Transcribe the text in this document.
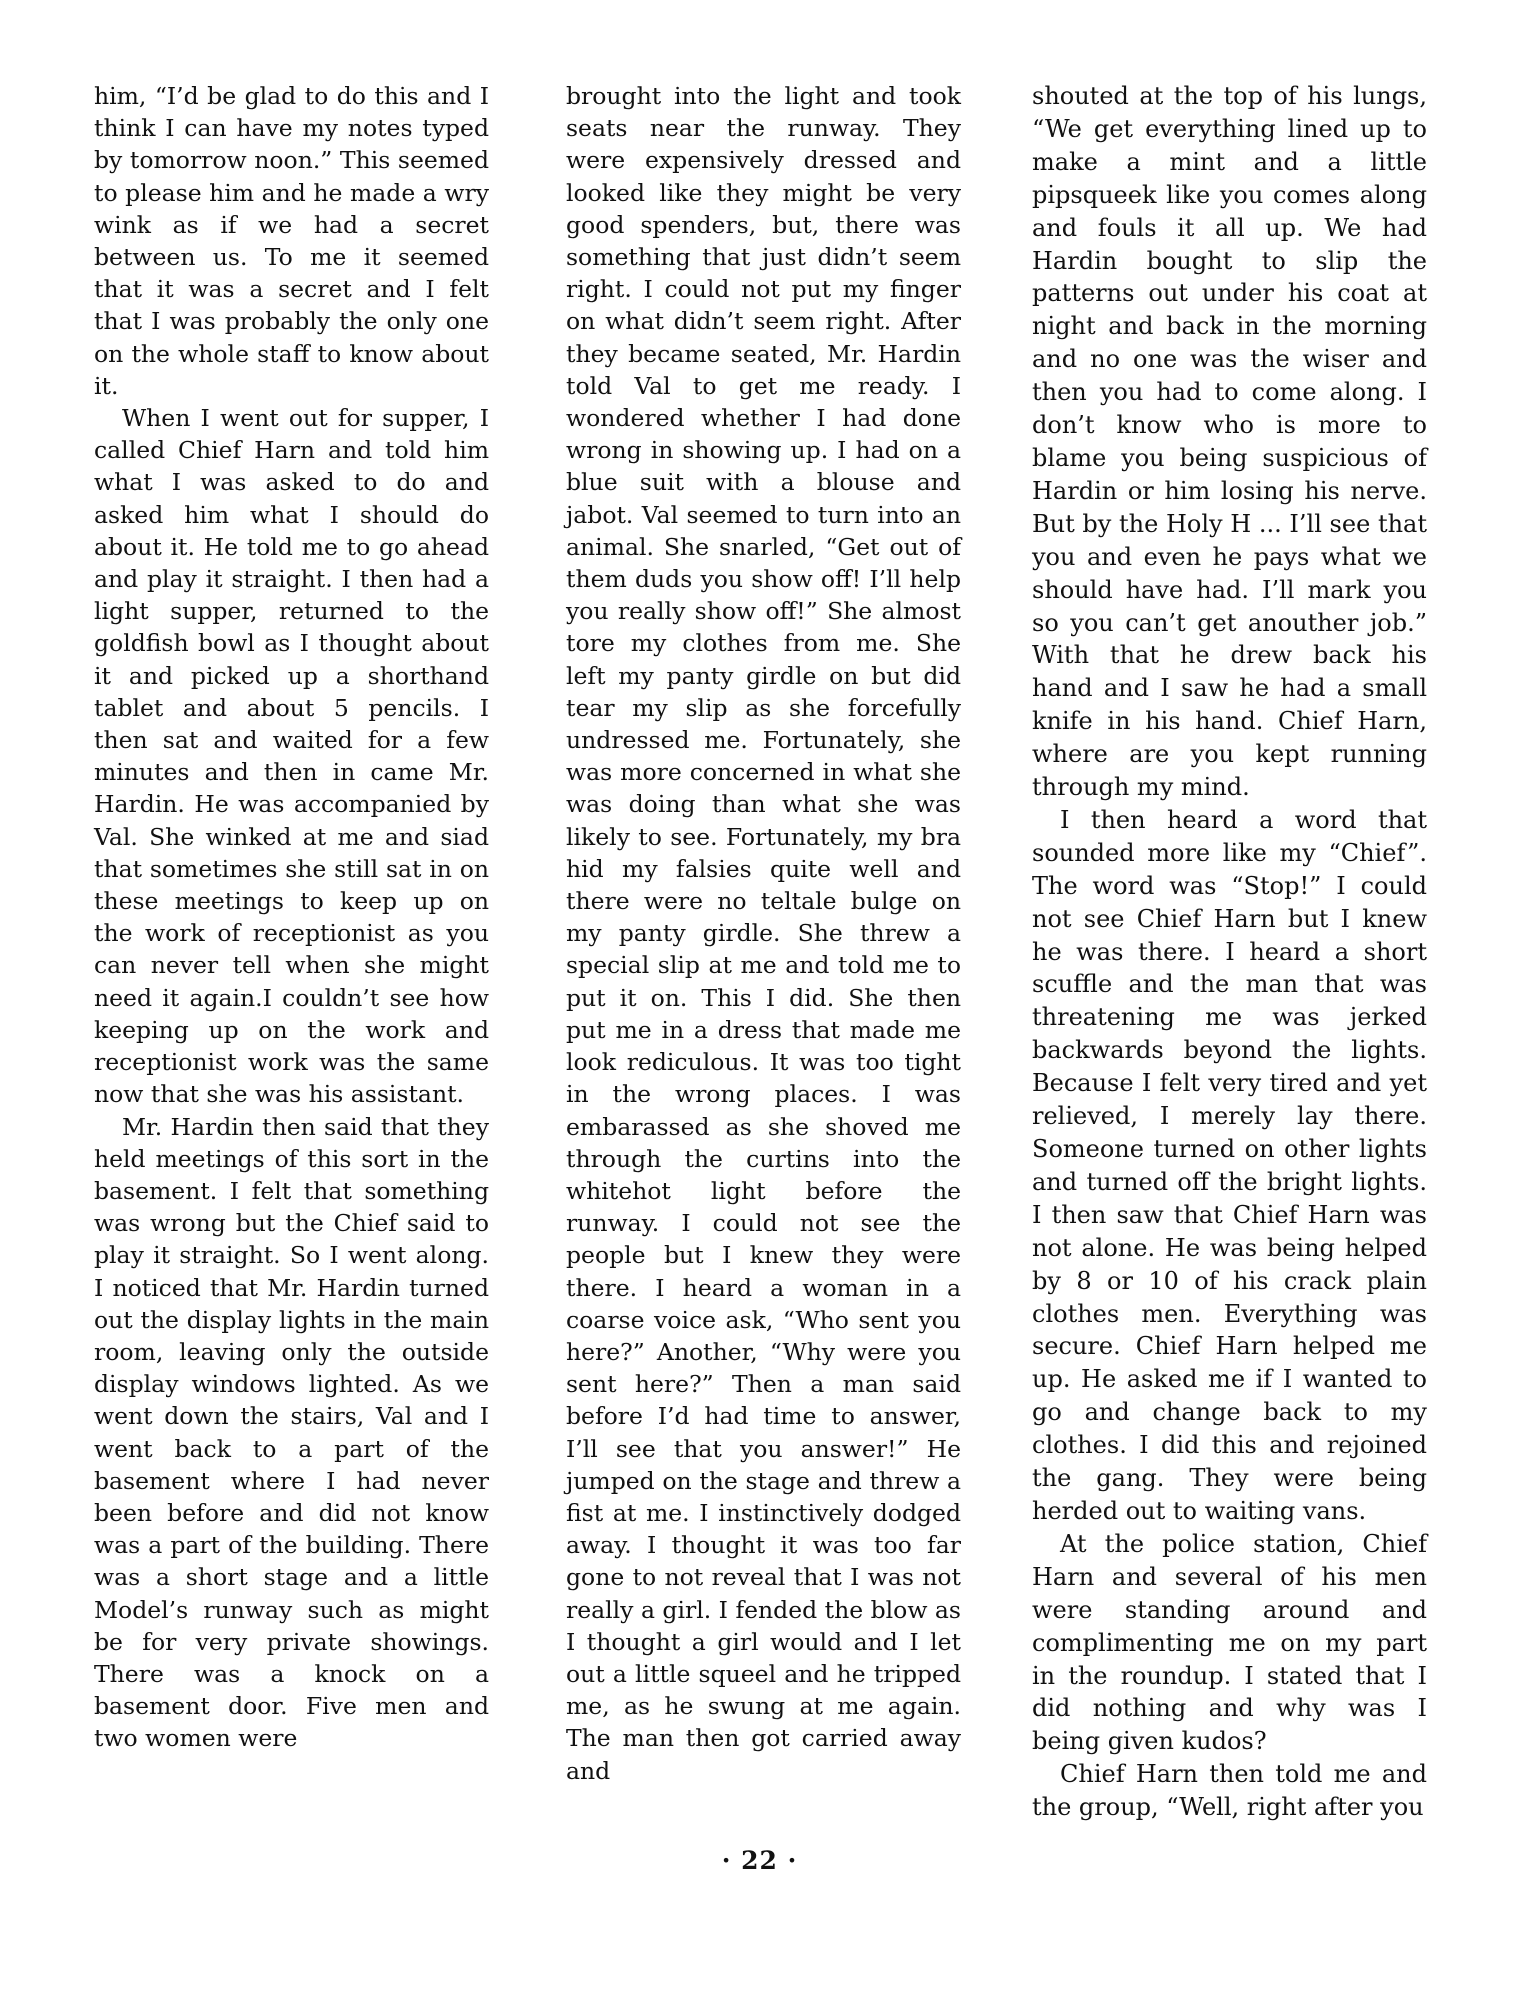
him, “I’d be glad to do this and I think I can have my notes typed by tomorrow noon.” This seemed to please him and he made a wry wink as if we had a secret between us. To me it seemed that it was a secret and I felt that I was probably the only one on the whole staff to know about it.

When I went out for supper, I called Chief Harn and told him what I was asked to do and asked him what I should do about it. He told me to go ahead and play it straight. I then had a light supper, returned to the goldfish bowl as I thought about it and picked up a shorthand tablet and about 5 pencils. I then sat and waited for a few minutes and then in came Mr. Hardin. He was accompanied by Val. She winked at me and siad that sometimes she still sat in on these meetings to keep up on the work of receptionist as you can never tell when she might need it again.I couldn’t see how keeping up on the work and receptionist work was the same now that she was his assistant.

Mr. Hardin then said that they held meetings of this sort in the basement. I felt that something was wrong but the Chief said to play it straight. So I went along. I noticed that Mr. Hardin turned out the display lights in the main room, leaving only the outside display windows lighted. As we went down the stairs, Val and I went back to a part of the basement where I had never been before and did not know was a part of the building. There was a short stage and a little Model’s runway such as might be for very private showings. There was a knock on a basement door. Five men and two women were

brought into the light and took seats near the runway. They were expensively dressed and looked like they might be very good spenders, but, there was something that just didn’t seem right. I could not put my finger on what didn’t seem right. After they became seated, Mr. Hardin told Val to get me ready. I wondered whether I had done wrong in showing up. I had on a blue suit with a blouse and jabot. Val seemed to turn into an animal. She snarled, “Get out of them duds you show off! I’ll help you really show off!” She almost tore my clothes from me. She left my panty girdle on but did tear my slip as she forcefully undressed me. Fortunately, she was more concerned in what she was doing than what she was likely to see. Fortunately, my bra hid my falsies quite well and there were no teltale bulge on my panty girdle. She threw a special slip at me and told me to put it on. This I did. She then put me in a dress that made me look rediculous. It was too tight in the wrong places. I was embarassed as she shoved me through the curtins into the whitehot light before the runway. I could not see the people but I knew they were there. I heard a woman in a coarse voice ask, “Who sent you here?” Another, “Why were you sent here?” Then a man said before I’d had time to answer, I’ll see that you answer!” He jumped on the stage and threw a fist at me. I instinctively dodged away. I thought it was too far gone to not reveal that I was not really a girl. I fended the blow as I thought a girl would and I let out a little squeel and he tripped me, as he swung at me again. The man then got carried away and

shouted at the top of his lungs, “We get everything lined up to make a mint and a little pipsqueek like you comes along and fouls it all up. We had Hardin bought to slip the patterns out under his coat at night and back in the morning and no one was the wiser and then you had to come along. I don’t know who is more to blame you being suspicious of Hardin or him losing his nerve. But by the Holy H ... I’ll see that you and even he pays what we should have had. I’ll mark you so you can’t get anouther job.” With that he drew back his hand and I saw he had a small knife in his hand. Chief Harn, where are you kept running through my mind.

I then heard a word that sounded more like my “Chief”. The word was “Stop!” I could not see Chief Harn but I knew he was there. I heard a short scuffle and the man that was threatening me was jerked backwards beyond the lights. Because I felt very tired and yet relieved, I merely lay there. Someone turned on other lights and turned off the bright lights. I then saw that Chief Harn was not alone. He was being helped by 8 or 10 of his crack plain clothes men. Everything was secure. Chief Harn helped me up. He asked me if I wanted to go and change back to my clothes. I did this and rejoined the gang. They were being herded out to waiting vans.

At the police station, Chief Harn and several of his men were standing around and complimenting me on my part in the roundup. I stated that I did nothing and why was I being given kudos?

Chief Harn then told me and the group, “Well, right after you

· 22 ·
